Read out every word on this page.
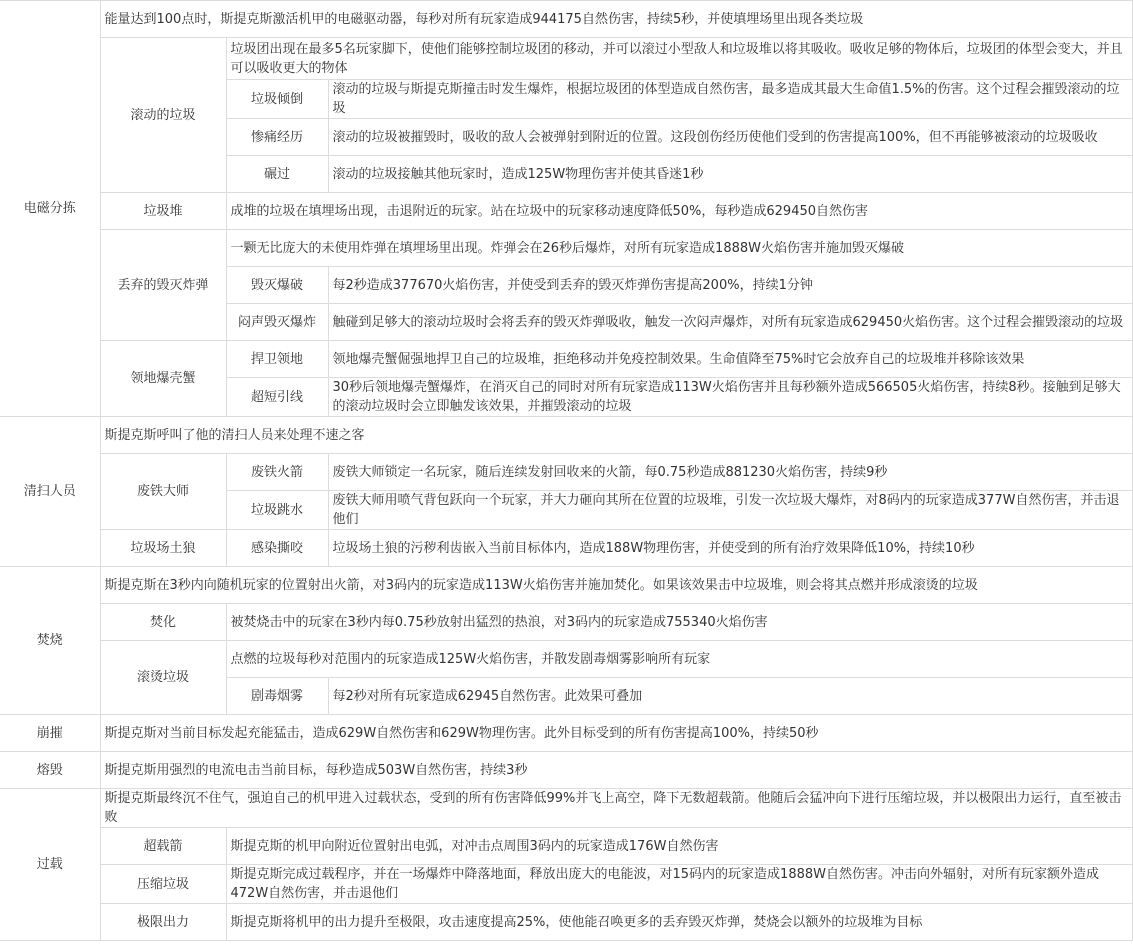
电磁分拣	能量达到100点时，斯提克斯激活机甲的电磁驱动器，每秒对所有玩家造成944175自然伤害，持续5秒，并使填埋场里出现各类垃圾		
	滚动的垃圾	垃圾团出现在最多5名玩家脚下，使他们能够控制垃圾团的移动，并可以滚过小型敌人和垃圾堆以将其吸收。吸收足够的物体后，垃圾团的体型会变大，并且可以吸收更大的物体	
		垃圾倾倒	滚动的垃圾与斯提克斯撞击时发生爆炸，根据垃圾团的体型造成自然伤害，最多造成其最大生命值1.5%的伤害。这个过程会摧毁滚动的垃圾
		惨痛经历	滚动的垃圾被摧毁时，吸收的敌人会被弹射到附近的位置。这段创伤经历使他们受到的伤害提高100%，但不再能够被滚动的垃圾吸收
		碾过	滚动的垃圾接触其他玩家时，造成125W物理伤害并使其昏迷1秒
	垃圾堆	成堆的垃圾在填埋场出现，击退附近的玩家。站在垃圾中的玩家移动速度降低50%，每秒造成629450自然伤害	
	丢弃的毁灭炸弹	一颗无比庞大的未使用炸弹在填埋场里出现。炸弹会在26秒后爆炸，对所有玩家造成1888W火焰伤害并施加毁灭爆破	
		毁灭爆破	每2秒造成377670火焰伤害，并使受到丢弃的毁灭炸弹伤害提高200%，持续1分钟
		闷声毁灭爆炸	触碰到足够大的滚动垃圾时会将丢弃的毁灭炸弹吸收，触发一次闷声爆炸，对所有玩家造成629450火焰伤害。这个过程会摧毁滚动的垃圾
	领地爆壳蟹	捍卫领地	领地爆壳蟹倔强地捍卫自己的垃圾堆，拒绝移动并免疫控制效果。生命值降至75%时它会放弃自己的垃圾堆并移除该效果
		超短引线	30秒后领地爆壳蟹爆炸，在消灭自己的同时对所有玩家造成113W火焰伤害并且每秒额外造成566505火焰伤害，持续8秒。接触到足够大的滚动垃圾时会立即触发该效果，并摧毁滚动的垃圾
清扫人员	斯提克斯呼叫了他的清扫人员来处理不速之客		
	废铁大师	废铁火箭	废铁大师锁定一名玩家，随后连续发射回收来的火箭，每0.75秒造成881230火焰伤害，持续9秒
		垃圾跳水	废铁大师用喷气背包跃向一个玩家，并大力砸向其所在位置的垃圾堆，引发一次垃圾大爆炸，对8码内的玩家造成377W自然伤害，并击退他们
	垃圾场土狼	感染撕咬	垃圾场土狼的污秽利齿嵌入当前目标体内，造成188W物理伤害，并使受到的所有治疗效果降低10%，持续10秒
焚烧	斯提克斯在3秒内向随机玩家的位置射出火箭，对3码内的玩家造成113W火焰伤害并施加焚化。如果该效果击中垃圾堆，则会将其点燃并形成滚烫的垃圾		
	焚化	被焚烧击中的玩家在3秒内每0.75秒放射出猛烈的热浪，对3码内的玩家造成755340火焰伤害	
	滚烫垃圾	点燃的垃圾每秒对范围内的玩家造成125W火焰伤害，并散发剧毒烟雾影响所有玩家	
		剧毒烟雾	每2秒对所有玩家造成62945自然伤害。此效果可叠加
崩摧	斯提克斯对当前目标发起充能猛击，造成629W自然伤害和629W物理伤害。此外目标受到的所有伤害提高100%，持续50秒		
熔毁	斯提克斯用强烈的电流电击当前目标，每秒造成503W自然伤害，持续3秒		
过载	斯提克斯最终沉不住气，强迫自己的机甲进入过载状态，受到的所有伤害降低99%并飞上高空，降下无数超载箭。他随后会猛冲向下进行压缩垃圾，并以极限出力运行，直至被击败		
	超载箭	斯提克斯的机甲向附近位置射出电弧，对冲击点周围3码内的玩家造成176W自然伤害	
	压缩垃圾	斯提克斯完成过载程序，并在一场爆炸中降落地面，释放出庞大的电能波，对15码内的玩家造成1888W自然伤害。冲击向外辐射，对所有玩家额外造成472W自然伤害，并击退他们	
	极限出力	斯提克斯将机甲的出力提升至极限，攻击速度提高25%，使他能召唤更多的丢弃毁灭炸弹，焚烧会以额外的垃圾堆为目标	
